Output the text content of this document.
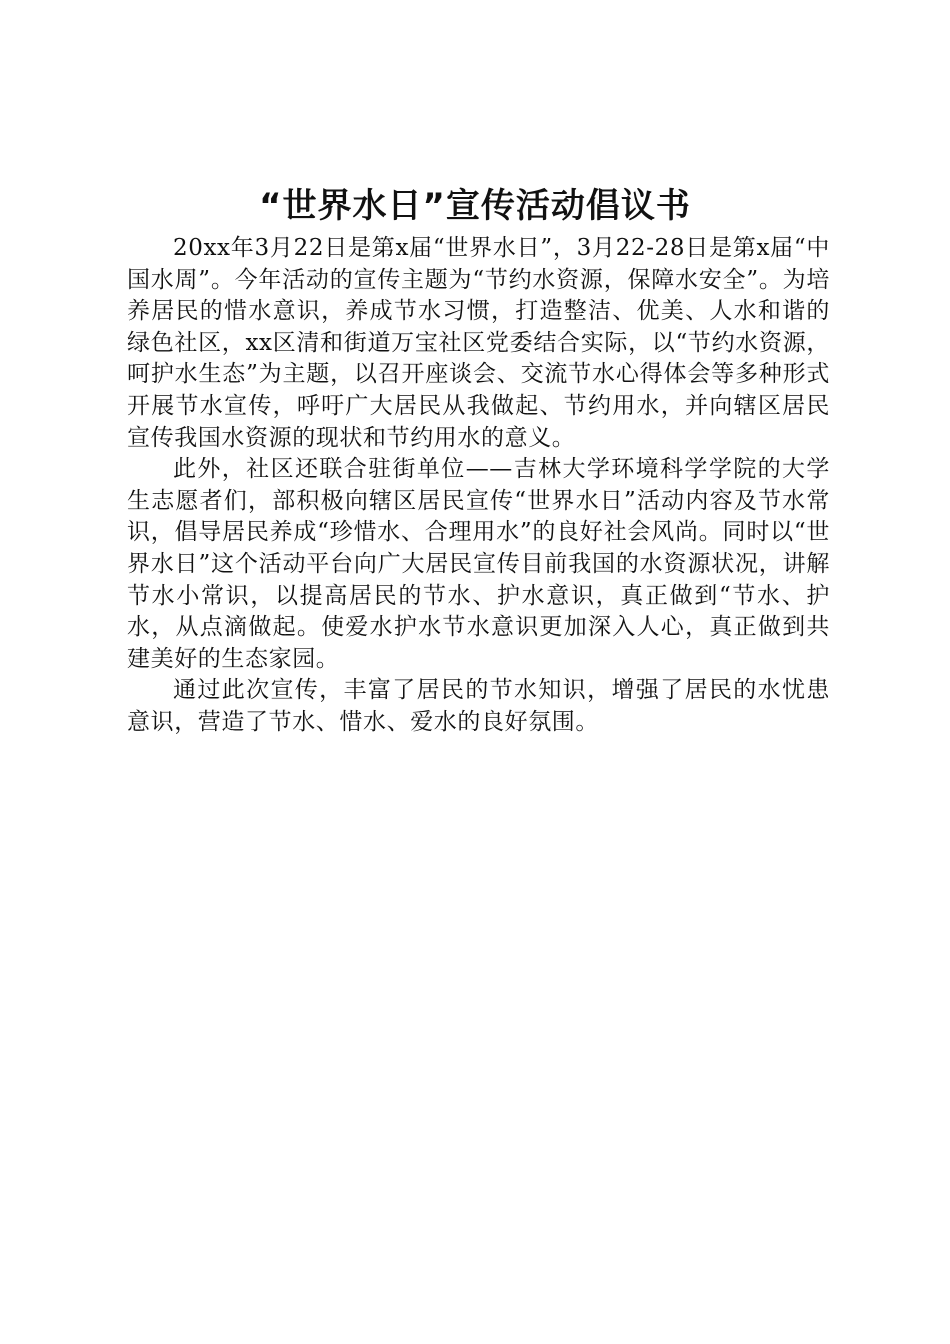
“世界水日”宣传活动倡议书

20xx年3月22日是第x届“世界水日”，3月22-28日是第x届“中国水周”。今年活动的宣传主题为“节约水资源，保障水安全”。为培养居民的惜水意识，养成节水习惯，打造整洁、优美、人水和谐的绿色社区，xx区清和街道万宝社区党委结合实际，以“节约水资源，呵护水生态”为主题，以召开座谈会、交流节水心得体会等多种形式开展节水宣传，呼吁广大居民从我做起、节约用水，并向辖区居民宣传我国水资源的现状和节约用水的意义。

此外，社区还联合驻街单位——吉林大学环境科学学院的大学生志愿者们，部积极向辖区居民宣传“世界水日”活动内容及节水常识，倡导居民养成“珍惜水、合理用水”的良好社会风尚。同时以“世界水日”这个活动平台向广大居民宣传目前我国的水资源状况，讲解节水小常识，以提高居民的节水、护水意识，真正做到“节水、护水，从点滴做起。使爱水护水节水意识更加深入人心，真正做到共建美好的生态家园。

通过此次宣传，丰富了居民的节水知识，增强了居民的水忧患意识，营造了节水、惜水、爱水的良好氛围。
